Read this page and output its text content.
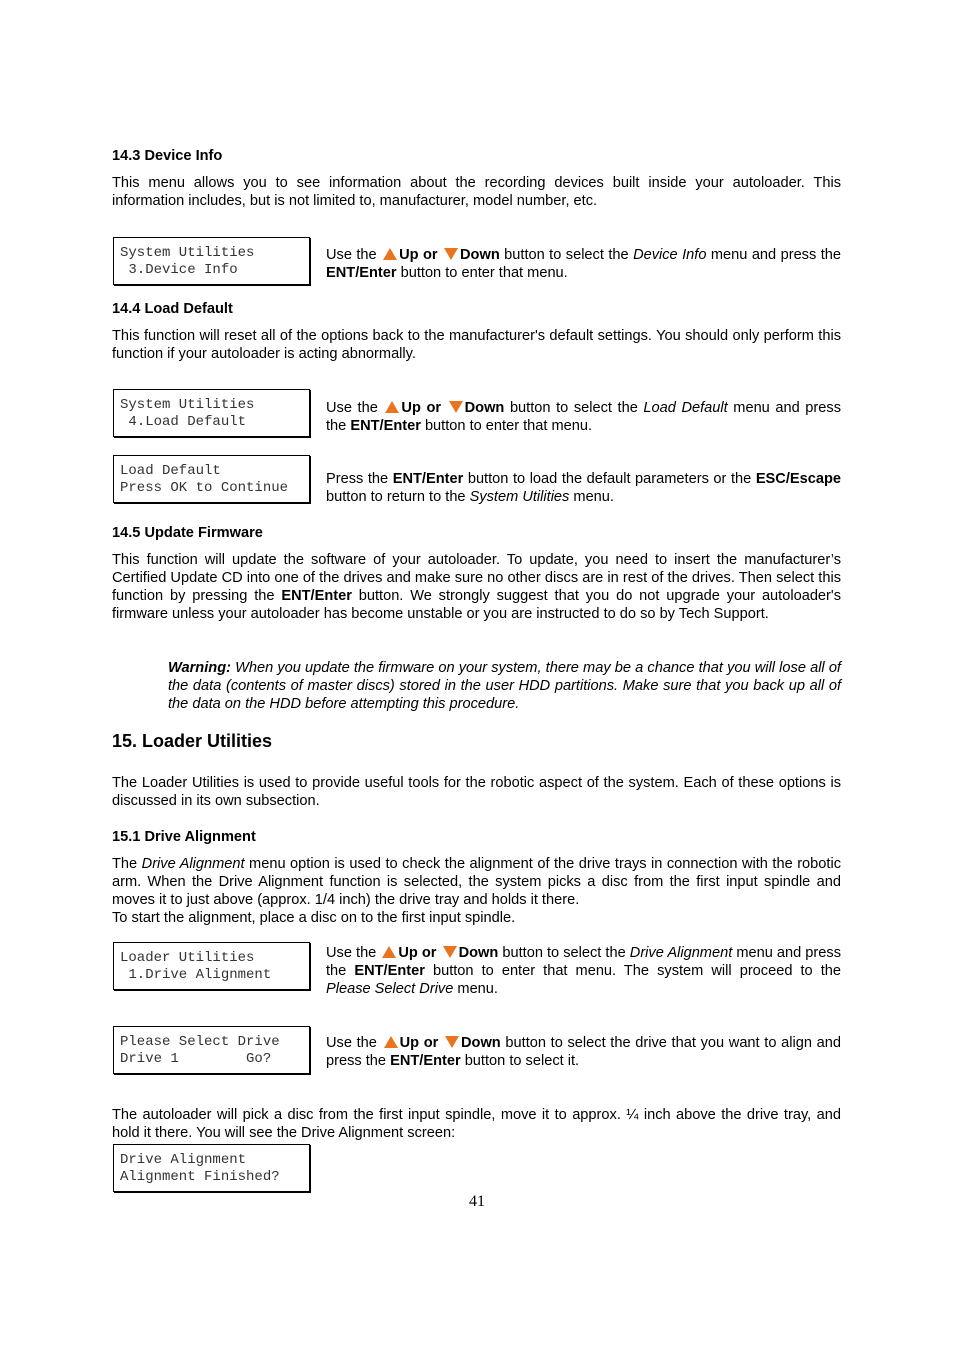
14.3 Device Info
This menu allows you to see information about the recording devices built inside your autoloader. This information includes, but is not limited to, manufacturer, model number, etc.
System Utilities
3.Device Info
Use the Up or Down button to select the Device Info menu and press the ENT/Enter button to enter that menu.
14.4 Load Default
This function will reset all of the options back to the manufacturer's default settings. You should only perform this function if your autoloader is acting abnormally.
System Utilities
4.Load Default
Use the Up or Down button to select the Load Default menu and press the ENT/Enter button to enter that menu.
Load Default
Press OK to Continue
Press the ENT/Enter button to load the default parameters or the ESC/Escape button to return to the System Utilities menu.
14.5 Update Firmware
This function will update the software of your autoloader. To update, you need to insert the manufacturer’s Certified Update CD into one of the drives and make sure no other discs are in rest of the drives. Then select this function by pressing the ENT/Enter button. We strongly suggest that you do not upgrade your autoloader's firmware unless your autoloader has become unstable or you are instructed to do so by Tech Support.
Warning: When you update the firmware on your system, there may be a chance that you will lose all of the data (contents of master discs) stored in the user HDD partitions. Make sure that you back up all of the data on the HDD before attempting this procedure.
15. Loader Utilities
The Loader Utilities is used to provide useful tools for the robotic aspect of the system. Each of these options is discussed in its own subsection.
15.1 Drive Alignment
The Drive Alignment menu option is used to check the alignment of the drive trays in connection with the robotic arm. When the Drive Alignment function is selected, the system picks a disc from the first input spindle and moves it to just above (approx. 1/4 inch) the drive tray and holds it there.
To start the alignment, place a disc on to the first input spindle.
Loader Utilities
1.Drive Alignment
Use the Up or Down button to select the Drive Alignment menu and press the ENT/Enter button to enter that menu. The system will proceed to the Please Select Drive menu.
Please Select Drive
Drive 1        Go?
Use the Up or Down button to select the drive that you want to align and press the ENT/Enter button to select it.
The autoloader will pick a disc from the first input spindle, move it to approx. ¼ inch above the drive tray, and hold it there. You will see the Drive Alignment screen:
Drive Alignment
Alignment Finished?
41
